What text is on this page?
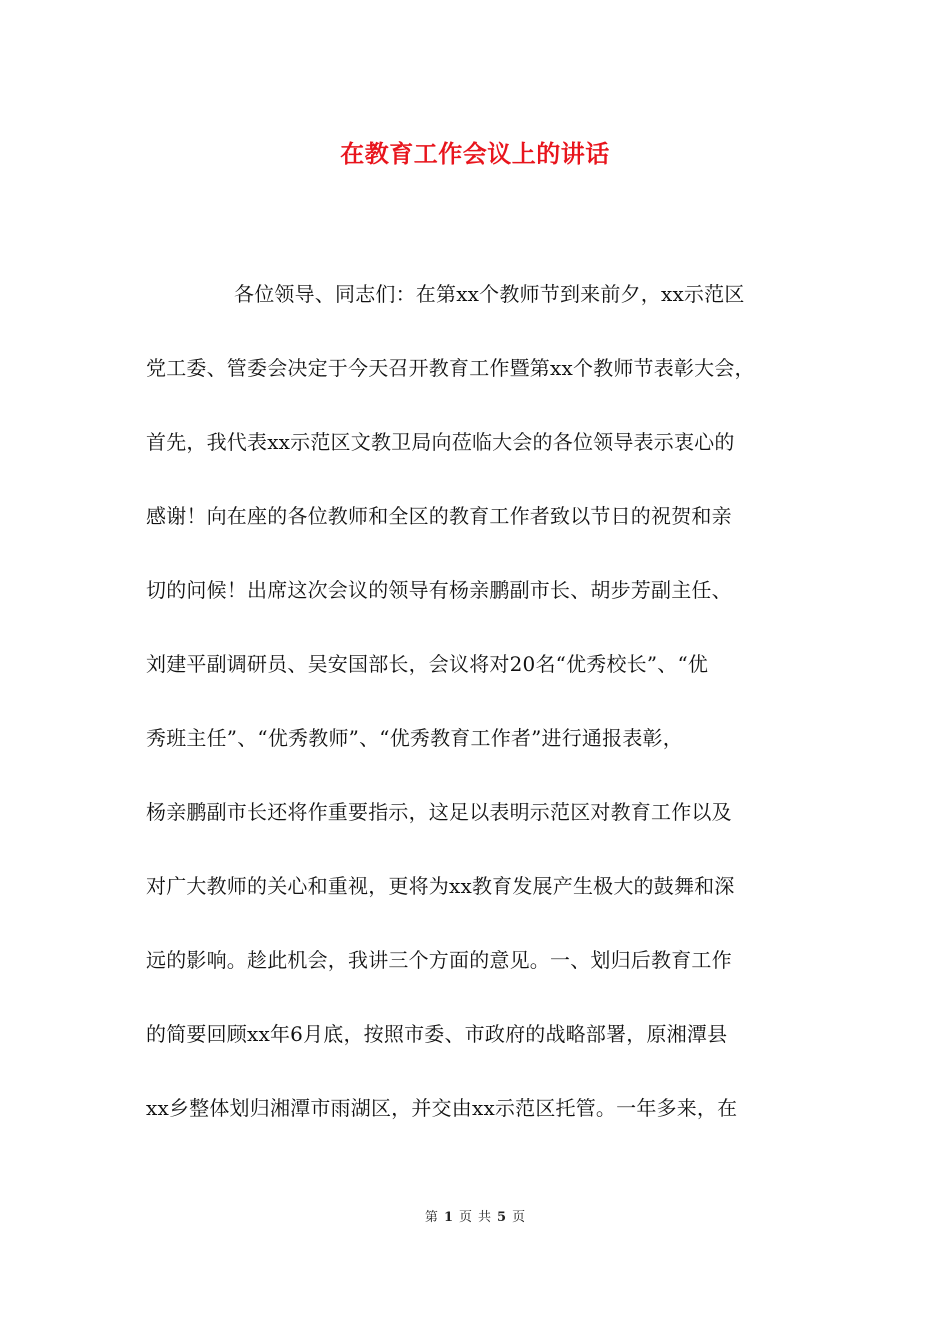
在教育工作会议上的讲话
各位领导、同志们：在第xx个教师节到来前夕，xx示范区
党工委、管委会决定于今天召开教育工作暨第xx个教师节表彰大会，
首先，我代表xx示范区文教卫局向莅临大会的各位领导表示衷心的
感谢！向在座的各位教师和全区的教育工作者致以节日的祝贺和亲
切的问候！出席这次会议的领导有杨亲鹏副市长、胡步芳副主任、
刘建平副调研员、吴安国部长，会议将对20名“优秀校长”、“优
秀班主任”、“优秀教师”、“优秀教育工作者”进行通报表彰，
杨亲鹏副市长还将作重要指示，这足以表明示范区对教育工作以及
对广大教师的关心和重视，更将为xx教育发展产生极大的鼓舞和深
远的影响。趁此机会，我讲三个方面的意见。一、划归后教育工作
的简要回顾xx年6月底，按照市委、市政府的战略部署，原湘潭县
xx乡整体划归湘潭市雨湖区，并交由xx示范区托管。一年多来，在
第 1 页 共 5 页
